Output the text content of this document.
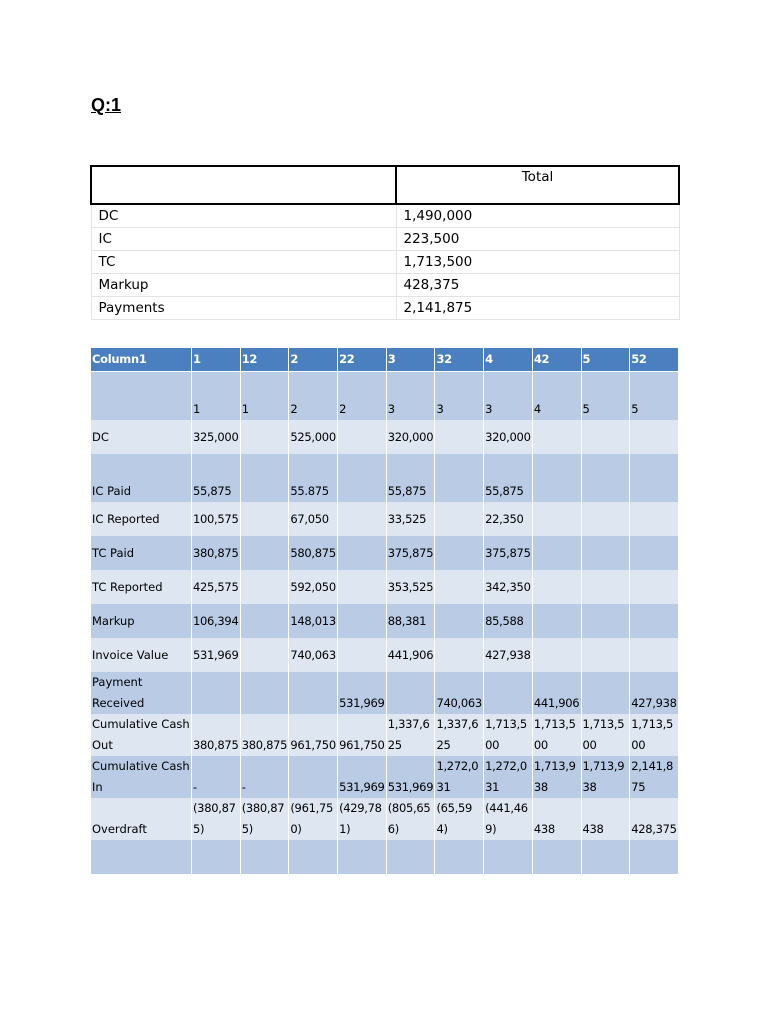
Q:1
	Total
DC	1,490,000
IC	223,500
TC	1,713,500
Markup	428,375
Payments	2,141,875
Column1	1	12	2	22	3	32	4	42	5	52
	1	1	2	2	3	3	3	4	5	5
DC	325,000		525,000		320,000		320,000			
IC Paid	55,875		55.875		55,875		55,875			
IC Reported	100,575		67,050		33,525		22,350			
TC Paid	380,875		580,875		375,875		375,875			
TC Reported	425,575		592,050		353,525		342,350			
Markup	106,394		148,013		88,381		85,588			
Invoice Value	531,969		740,063		441,906		427,938			
Payment Received				531,969		740,063		441,906		427,938
Cumulative Cash Out	380,875	380,875	961,750	961,750	1,337,625	1,337,625	1,713,500	1,713,500	1,713,500	1,713,500
Cumulative Cash In	-	-		531,969	531,969	1,272,031	1,272,031	1,713,938	1,713,938	2,141,875
Overdraft	(380,875)	(380,875)	(961,750)	(429,781)	(805,656)	(65,594)	(441,469)	438	438	428,375
